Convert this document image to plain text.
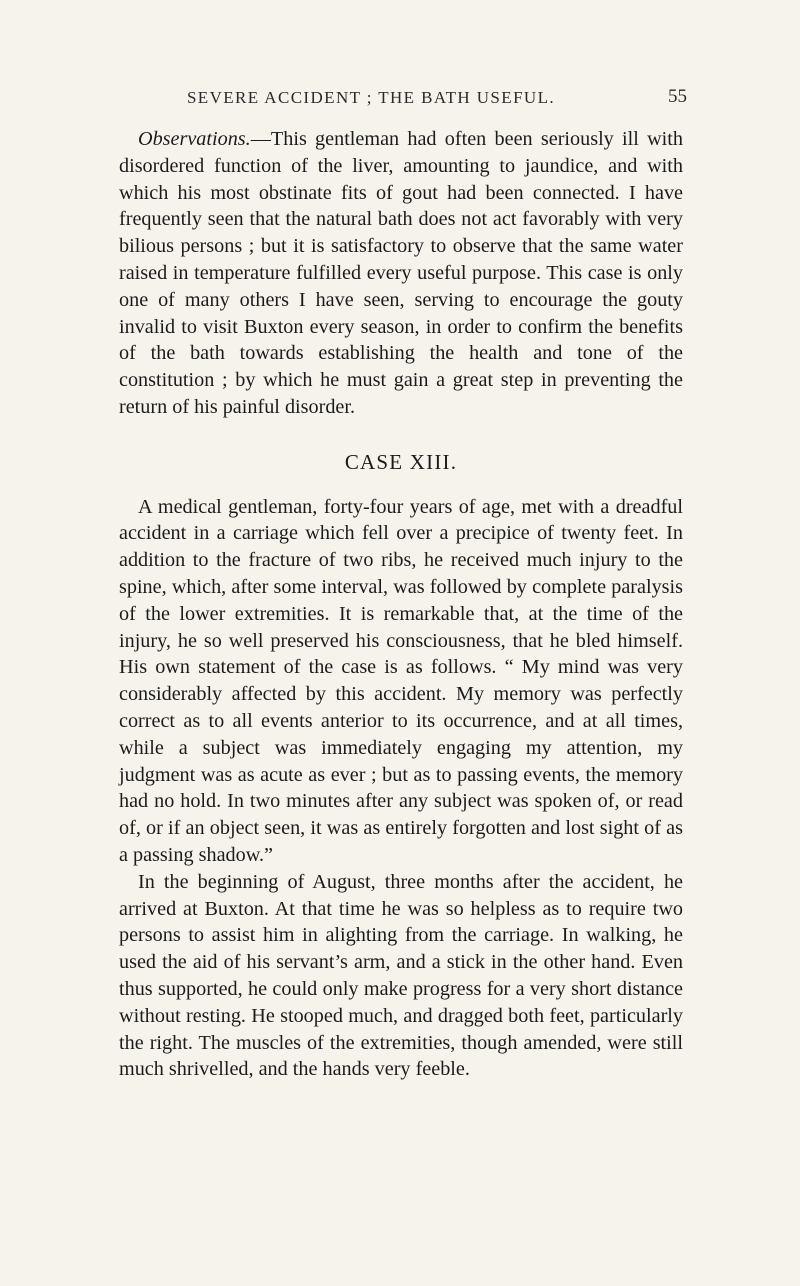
SEVERE ACCIDENT ; THE BATH USEFUL.	55

Observations.—This gentleman had often been seriously ill with disordered function of the liver, amounting to jaundice, and with which his most obstinate fits of gout had been connected. I have frequently seen that the natural bath does not act favorably with very bilious persons ; but it is satisfactory to observe that the same water raised in temperature fulfilled every useful purpose. This case is only one of many others I have seen, serving to encourage the gouty invalid to visit Buxton every season, in order to confirm the benefits of the bath towards establishing the health and tone of the constitution ; by which he must gain a great step in preventing the return of his painful disorder.

CASE XIII.

A medical gentleman, forty-four years of age, met with a dreadful accident in a carriage which fell over a precipice of twenty feet. In addition to the fracture of two ribs, he received much injury to the spine, which, after some interval, was followed by complete paralysis of the lower extremities. It is remarkable that, at the time of the injury, he so well preserved his consciousness, that he bled himself. His own statement of the case is as follows. “ My mind was very considerably affected by this accident. My memory was perfectly correct as to all events anterior to its occurrence, and at all times, while a subject was immediately engaging my attention, my judgment was as acute as ever ; but as to passing events, the memory had no hold. In two minutes after any subject was spoken of, or read of, or if an object seen, it was as entirely forgotten and lost sight of as a passing shadow.”

In the beginning of August, three months after the accident, he arrived at Buxton. At that time he was so helpless as to require two persons to assist him in alighting from the carriage. In walking, he used the aid of his servant’s arm, and a stick in the other hand. Even thus supported, he could only make progress for a very short distance without resting. He stooped much, and dragged both feet, particularly the right. The muscles of the extremities, though amended, were still much shrivelled, and the hands very feeble.
